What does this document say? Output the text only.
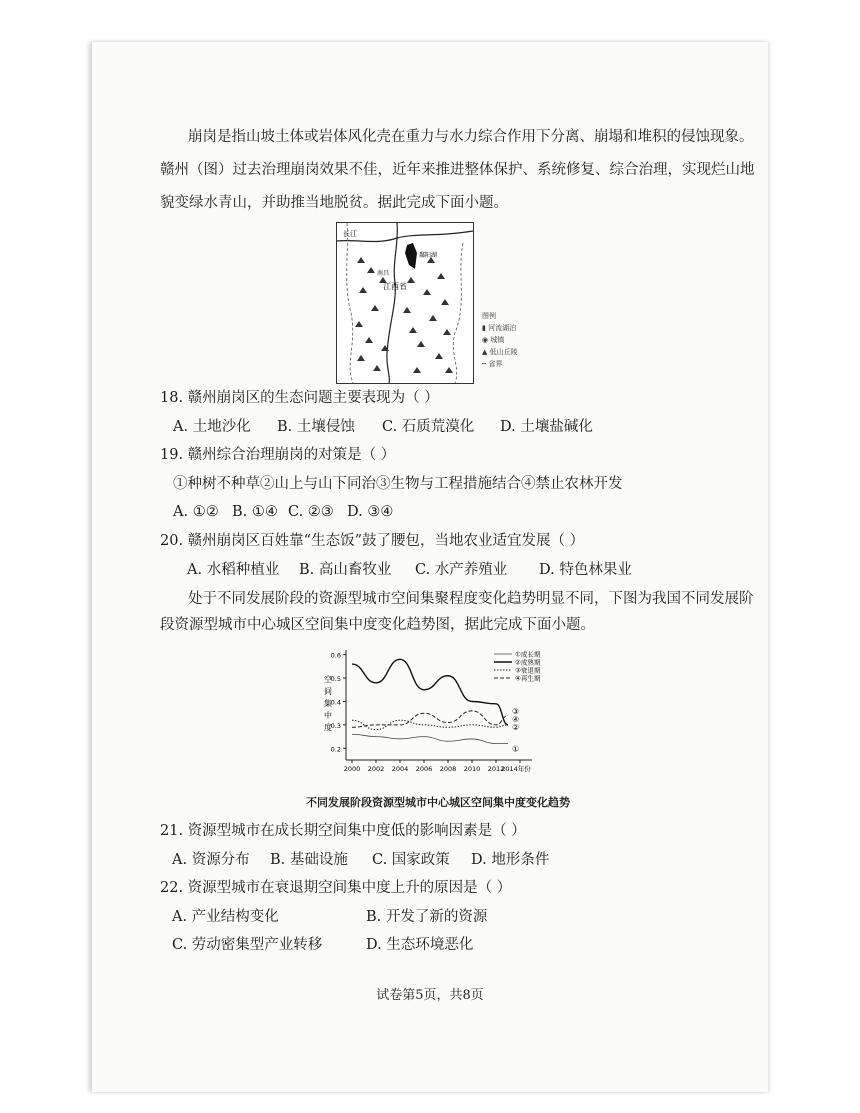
崩岗是指山坡土体或岩体风化壳在重力与水力综合作用下分离、崩塌和堆积的侵蚀现象。
赣州（图）过去治理崩岗效果不佳，近年来推进整体保护、系统修复、综合治理，实现烂山地
貌变绿水青山，并助推当地脱贫。据此完成下面小题。
长江
鄱阳湖
南昌
江西省
图例
▮ 河流湖泊
◉ 城镇
▲ 低山丘陵
┅ 省界
18. 赣州崩岗区的生态问题主要表现为（ ）
A. 土地沙化 B. 土壤侵蚀 C. 石质荒漠化 D. 土壤盐碱化
19. 赣州综合治理崩岗的对策是（ ）
①种树不种草②山上与山下同治③生物与工程措施结合④禁止农林开发
A. ①② B. ①④ C. ②③ D. ③④
20. 赣州崩岗区百姓靠“生态饭”鼓了腰包，当地农业适宜发展（ ）
A. 水稻种植业 B. 高山畜牧业 C. 水产养殖业 D. 特色林果业
处于不同发展阶段的资源型城市空间集聚程度变化趋势明显不同，下图为我国不同发展阶
段资源型城市中心城区空间集中度变化趋势图，据此完成下面小题。
0.2
0.3
0.4
0.5
0.6
2000 2002 2004 2006 2008 2010 2012
2014年份
空
间
集
中
度
③
④
②
①
①成长期
②成熟期
③衰退期
④再生期
不同发展阶段资源型城市中心城区空间集中度变化趋势
21. 资源型城市在成长期空间集中度低的影响因素是（ ）
A. 资源分布 B. 基础设施 C. 国家政策 D. 地形条件
22. 资源型城市在衰退期空间集中度上升的原因是（ ）
A. 产业结构变化	B. 开发了新的资源
C. 劳动密集型产业转移	D. 生态环境恶化
试卷第5页，共8页
